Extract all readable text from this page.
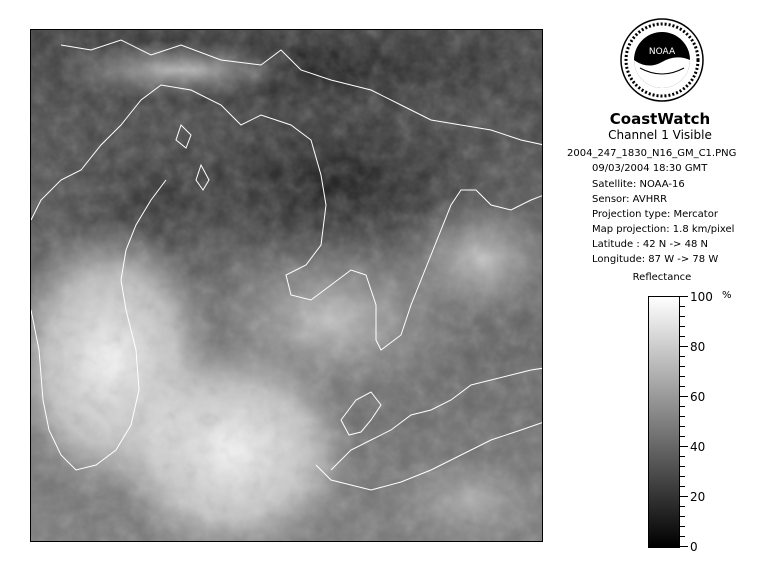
NOAA
CoastWatch
Channel 1 Visible
2004_247_1830_N16_GM_C1.PNG
09/03/2004 18:30 GMT
Satellite: NOAA-16
Sensor: AVHRR
Projection type: Mercator
Map projection: 1.8 km/pixel
Latitude : 42 N -> 48 N
Longitude: 87 W -> 78 W
Reflectance
%
100
80
60
40
20
0
